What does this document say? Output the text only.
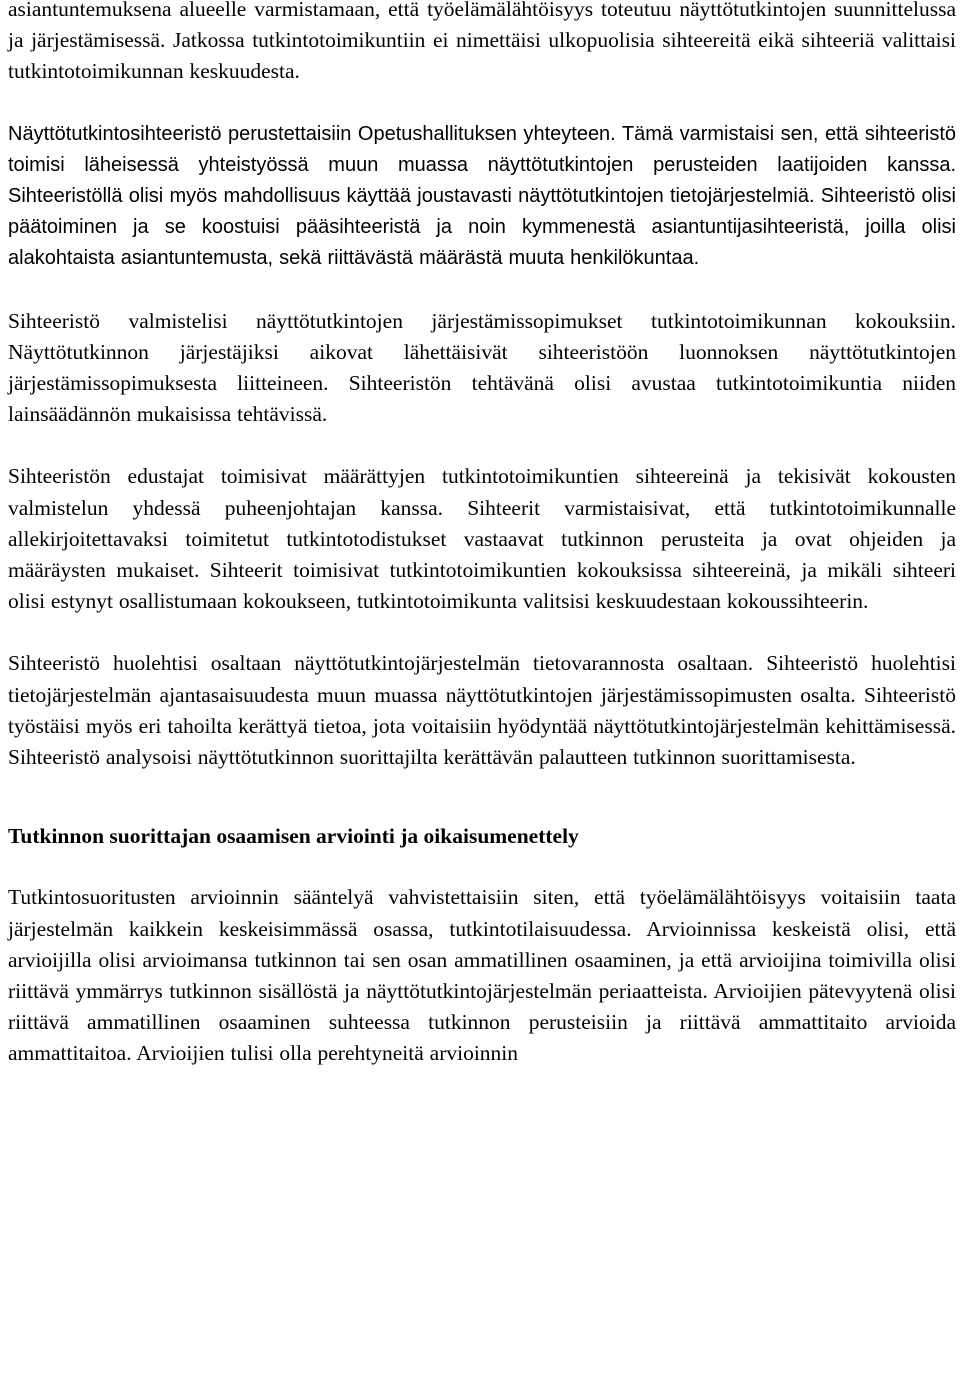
asiantuntemuksena alueelle varmistamaan, että työelämälähtöisyys toteutuu näyttötutkintojen suunnittelussa ja järjestämisessä. Jatkossa tutkintotoimikuntiin ei nimettäisi ulkopuolisia sihteereitä eikä sihteeriä valittaisi tutkintotoimikunnan keskuudesta.

Näyttötutkintosihteeristö perustettaisiin Opetushallituksen yhteyteen. Tämä varmistaisi sen, että sihteeristö toimisi läheisessä yhteistyössä muun muassa näyttötutkintojen perusteiden laatijoiden kanssa. Sihteeristöllä olisi myös mahdollisuus käyttää joustavasti näyttötutkintojen tietojärjestelmiä. Sihteeristö olisi päätoiminen ja se koostuisi pääsihteeristä ja noin kymmenestä asiantuntijasihteeristä, joilla olisi alakohtaista asiantuntemusta, sekä riittävästä määrästä muuta henkilökuntaa.

Sihteeristö valmistelisi näyttötutkintojen järjestämissopimukset tutkintotoimikunnan kokouksiin. Näyttötutkinnon järjestäjiksi aikovat lähettäisivät sihteeristöön luonnoksen näyttötutkintojen järjestämissopimuksesta liitteineen. Sihteeristön tehtävänä olisi avustaa tutkintotoimikuntia niiden lainsäädännön mukaisissa tehtävissä.

Sihteeristön edustajat toimisivat määrättyjen tutkintotoimikuntien sihteereinä ja tekisivät kokousten valmistelun yhdessä puheenjohtajan kanssa. Sihteerit varmistaisivat, että tutkintotoimikunnalle allekirjoitettavaksi toimitetut tutkintotodistukset vastaavat tutkinnon perusteita ja ovat ohjeiden ja määräysten mukaiset. Sihteerit toimisivat tutkintotoimikuntien kokouksissa sihteereinä, ja mikäli sihteeri olisi estynyt osallistumaan kokoukseen, tutkintotoimikunta valitsisi keskuudestaan kokoussihteerin.

Sihteeristö huolehtisi osaltaan näyttötutkintojärjestelmän tietovarannosta osaltaan. Sihteeristö huolehtisi tietojärjestelmän ajantasaisuudesta muun muassa näyttötutkintojen järjestämissopimusten osalta. Sihteeristö työstäisi myös eri tahoilta kerättyä tietoa, jota voitaisiin hyödyntää näyttötutkintojärjestelmän kehittämisessä. Sihteeristö analysoisi näyttötutkinnon suorittajilta kerättävän palautteen tutkinnon suorittamisesta.

Tutkinnon suorittajan osaamisen arviointi ja oikaisumenettely

Tutkintosuoritusten arvioinnin sääntelyä vahvistettaisiin siten, että työelämälähtöisyys voitaisiin taata järjestelmän kaikkein keskeisimmässä osassa, tutkintotilaisuudessa. Arvioinnissa keskeistä olisi, että arvioijilla olisi arvioimansa tutkinnon tai sen osan ammatillinen osaaminen, ja että arvioijina toimivilla olisi riittävä ymmärrys tutkinnon sisällöstä ja näyttötutkintojärjestelmän periaatteista. Arvioijien pätevyytenä olisi riittävä ammatillinen osaaminen suhteessa tutkinnon perusteisiin ja riittävä ammattitaito arvioida ammattitaitoa. Arvioijien tulisi olla perehtyneitä arvioinnin
